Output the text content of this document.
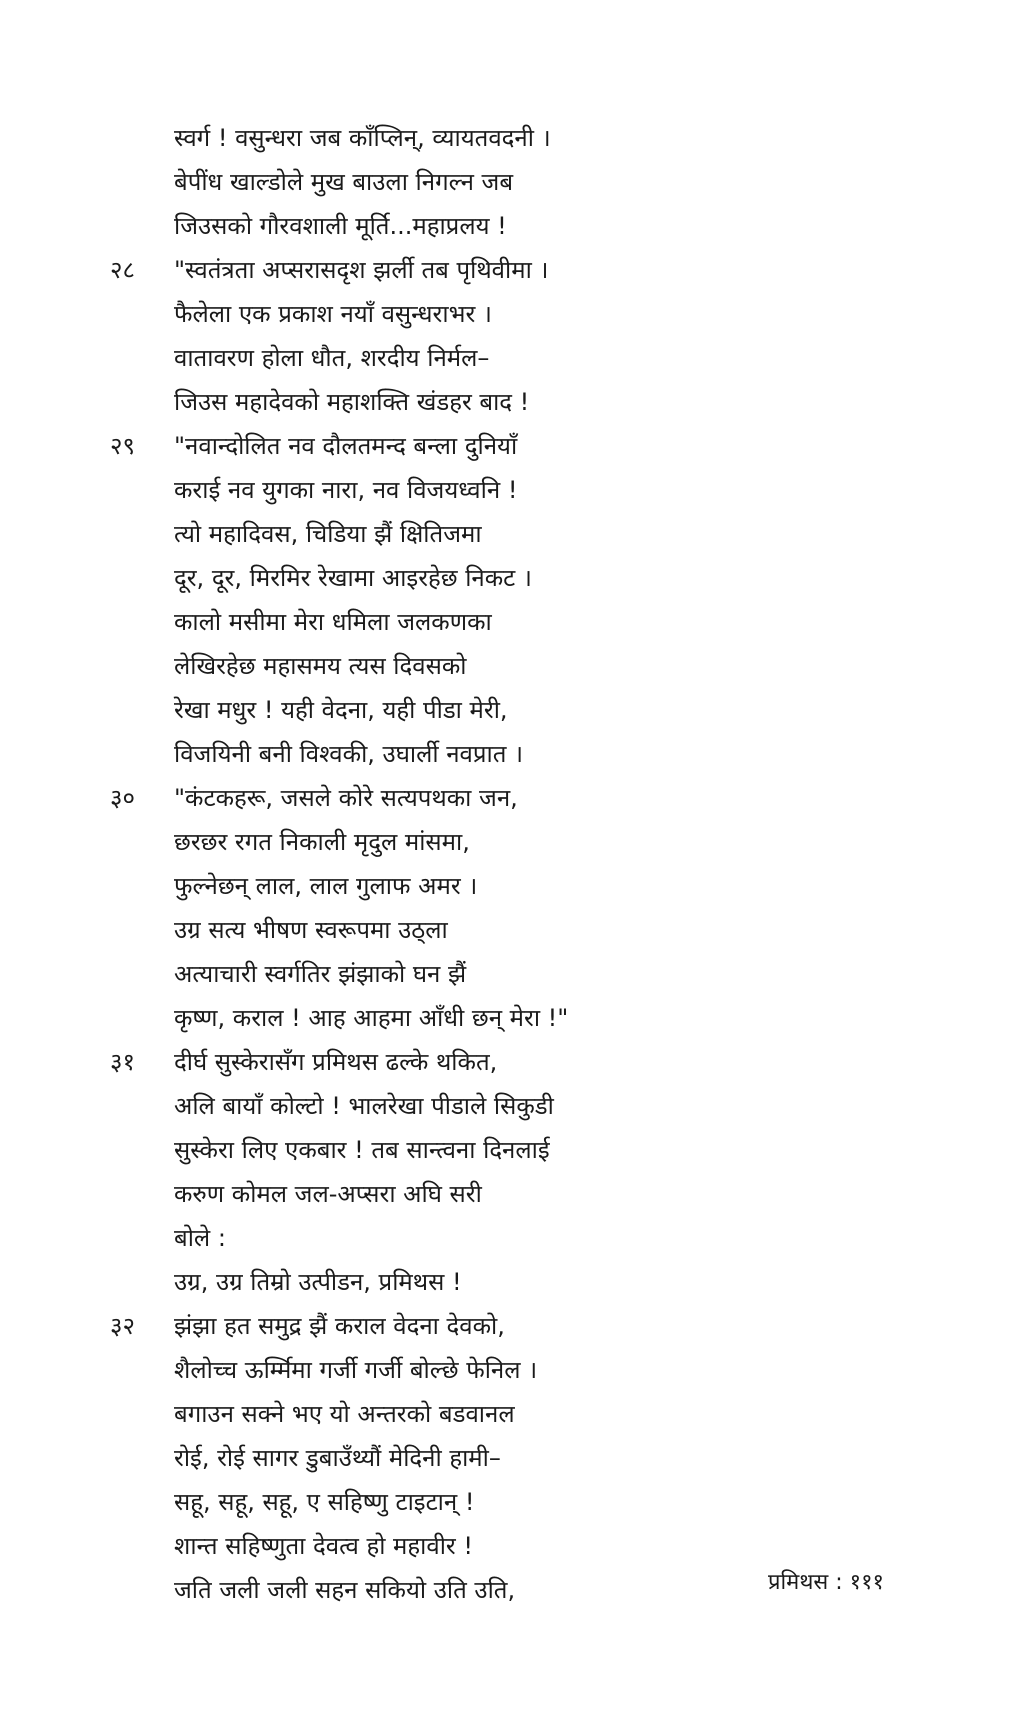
स्वर्ग ! वसुन्धरा जब काँप्लिन्, व्यायतवदनी ।
बेपींध खाल्डोले मुख बाउला निगल्न जब
जिउसको गौरवशाली मूर्ति...महाप्रलय !
२८	"स्वतंत्रता अप्सरासदृश झर्ली तब पृथिवीमा ।
फैलेला एक प्रकाश नयाँ वसुन्धराभर ।
वातावरण होला धौत, शरदीय निर्मल–
जिउस महादेवको महाशक्ति खंडहर बाद !
२९	"नवान्दोलित नव दौलतमन्द बन्ला दुनियाँ
कराई नव युगका नारा, नव विजयध्वनि !
त्यो महादिवस, चिडिया झैं क्षितिजमा
दूर, दूर, मिरमिर रेखामा आइरहेछ निकट ।
कालो मसीमा मेरा धमिला जलकणका
लेखिरहेछ महासमय त्यस दिवसको
रेखा मधुर ! यही वेदना, यही पीडा मेरी,
विजयिनी बनी विश्वकी, उघार्ली नवप्रात ।
३०	"कंटकहरू, जसले कोरे सत्यपथका जन,
छरछर रगत निकाली मृदुल मांसमा,
फुल्नेछन् लाल, लाल गुलाफ अमर ।
उग्र सत्य भीषण स्वरूपमा उठ्ला
अत्याचारी स्वर्गतिर झंझाको घन झैं
कृष्ण, कराल ! आह आहमा आँधी छन् मेरा !"
३१	दीर्घ सुस्केरासँग प्रमिथस ढल्के थकित,
अलि बायाँ कोल्टो ! भालरेखा पीडाले सिकुडी
सुस्केरा लिए एकबार ! तब सान्त्वना दिनलाई
करुण कोमल जल-अप्सरा अघि सरी
बोले :
उग्र, उग्र तिम्रो उत्पीडन, प्रमिथस !
३२	झंझा हत समुद्र झैं कराल वेदना देवको,
शैलोच्च ऊर्म्मिमा गर्जी गर्जी बोल्छे फेनिल ।
बगाउन सक्ने भए यो अन्तरको बडवानल
रोई, रोई सागर डुबाउँथ्यौं मेदिनी हामी–
सहू, सहू, सहू, ए सहिष्णु टाइटान् !
शान्त सहिष्णुता देवत्व हो महावीर !
जति जली जली सहन सकियो उति उति,	प्रमिथस : १११
